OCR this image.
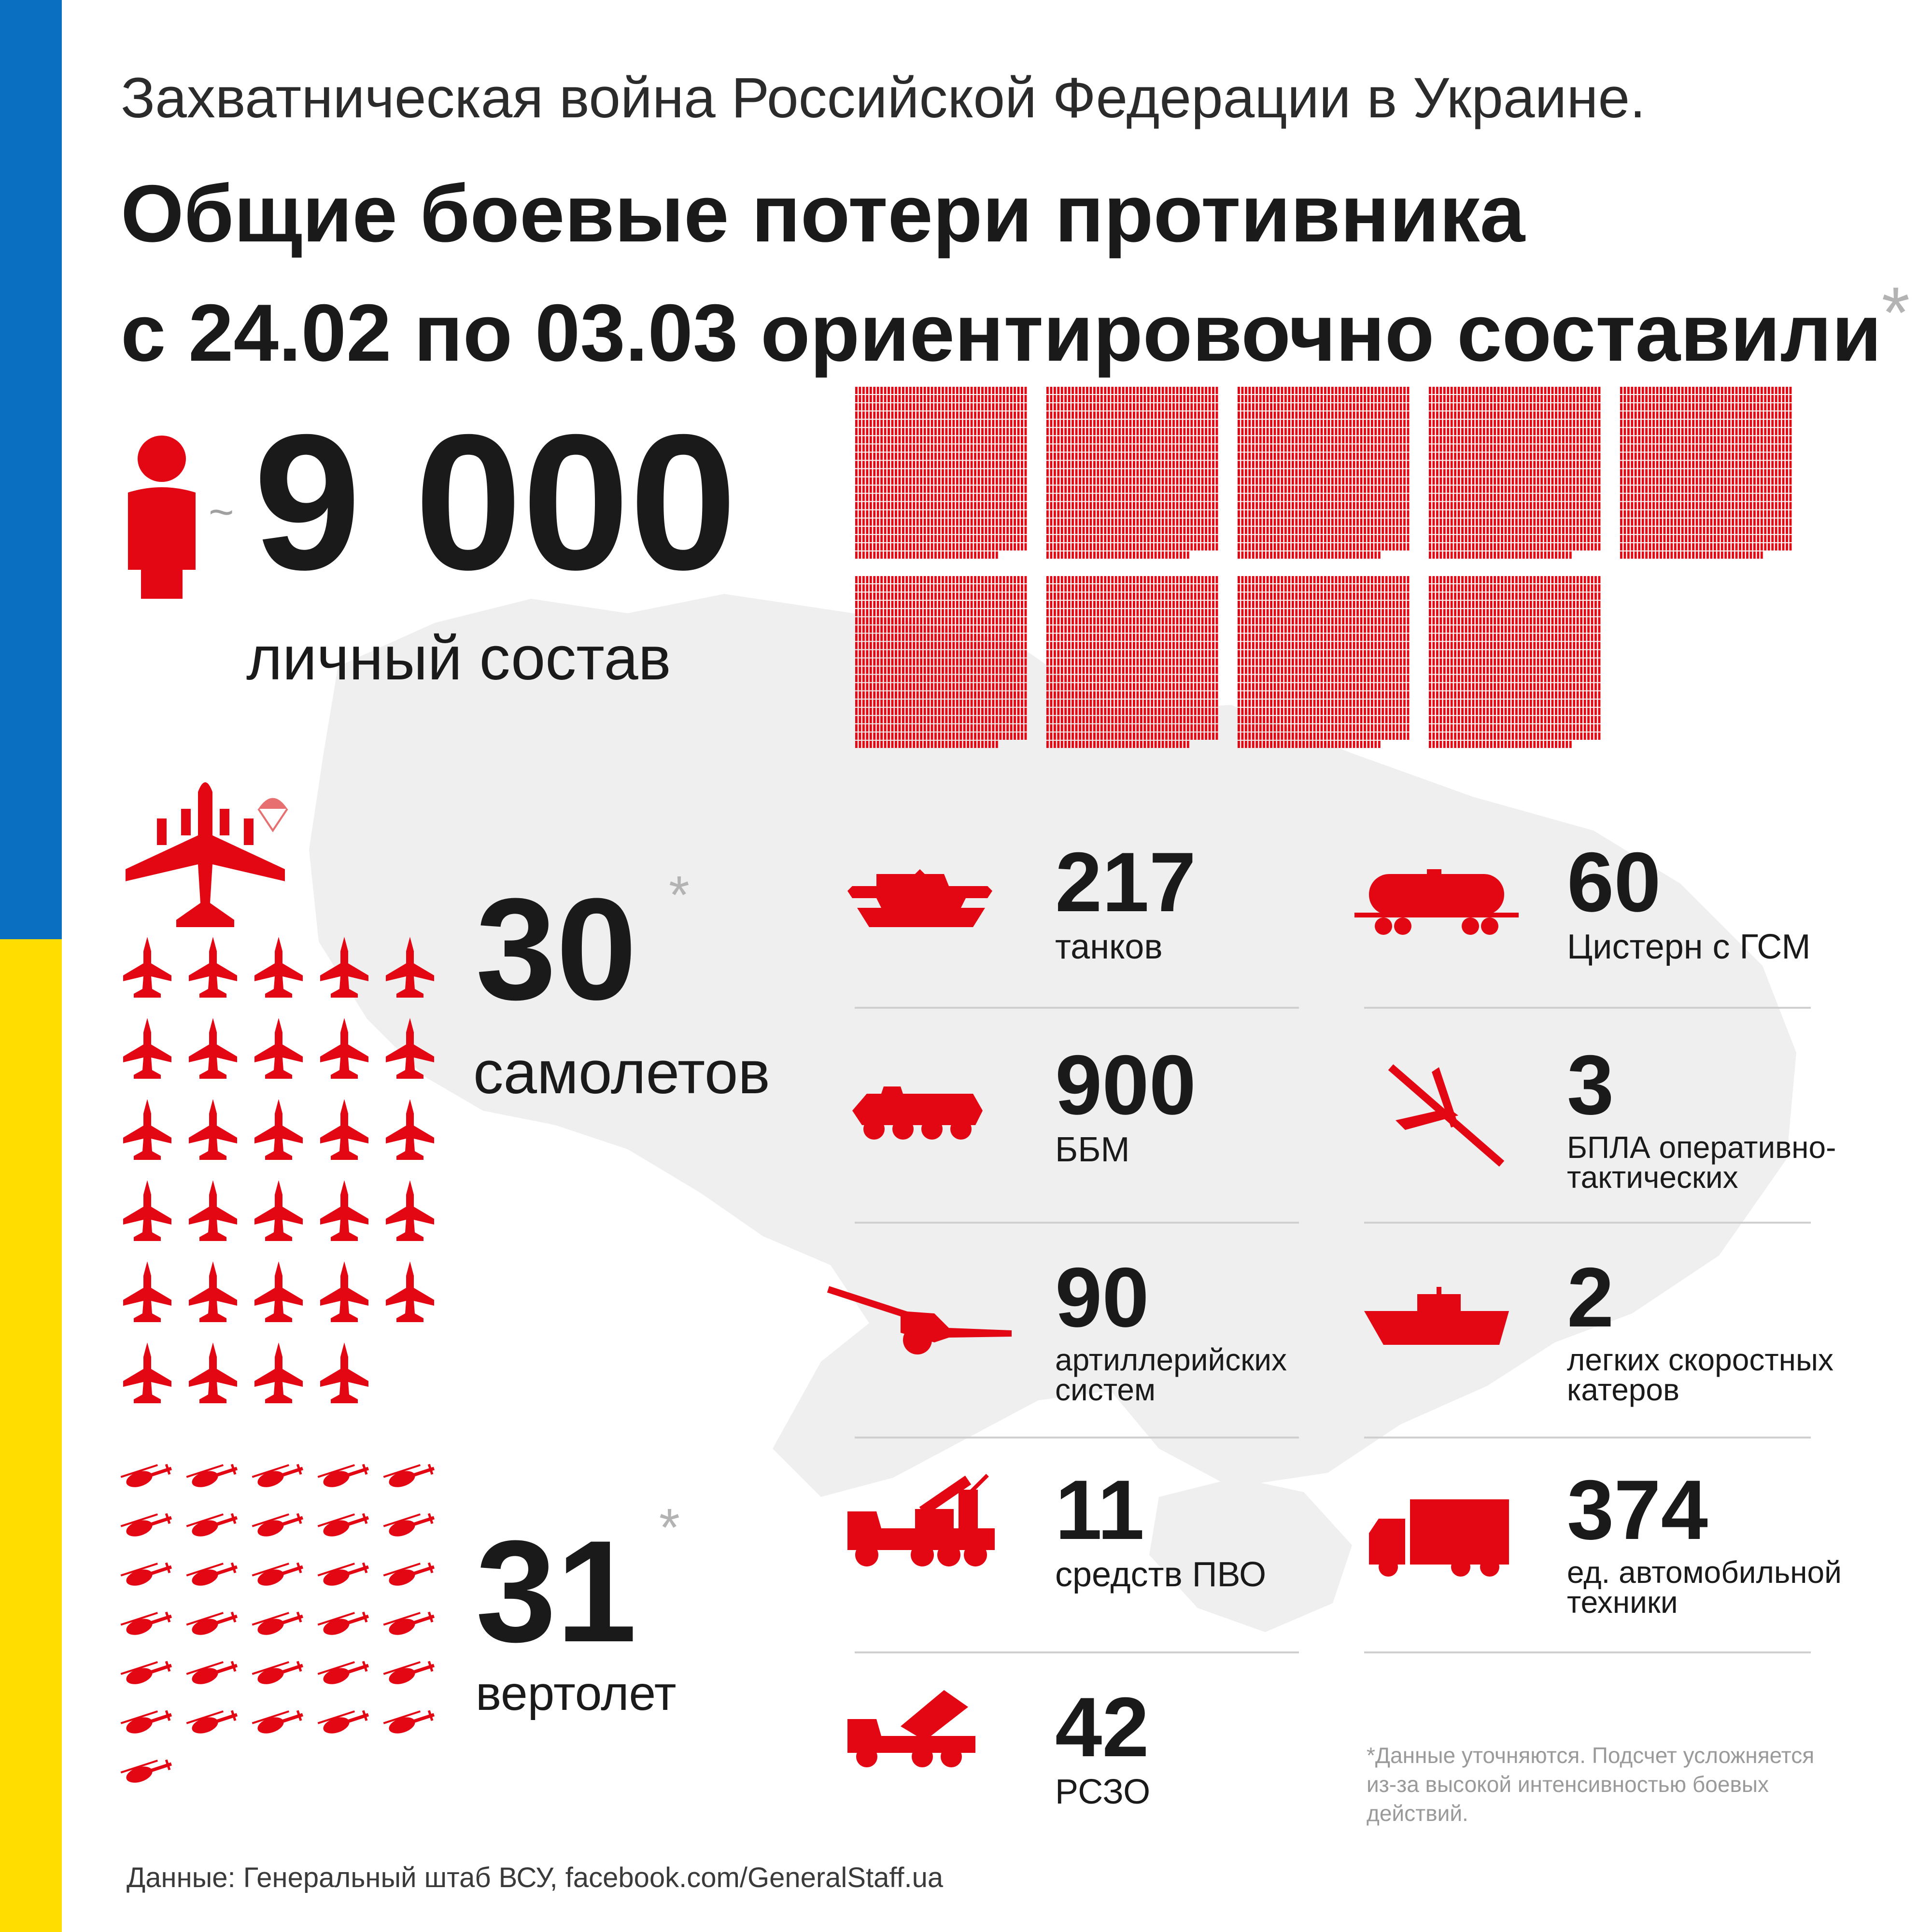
Захватническая война Российской Федерации в Украине.
Общие боевые потери противника
с 24.02 по 03.03 ориентировочно составили*
~ 9 000
личный состав
30 *
самолетов
31 *
вертолет
217
танков
900
ББМ
90
артиллерийских
систем
11
средств ПВО
42
РСЗО
60
Цистерн с ГСМ
3
БПЛА оперативно-
тактических
2
легких скоростных
катеров
374
ед. автомобильной
техники
*Данные уточняются. Подсчет усложняется
из-за высокой интенсивностью боевых
действий.
Данные: Генеральный штаб ВСУ, facebook.com/GeneralStaff.ua
